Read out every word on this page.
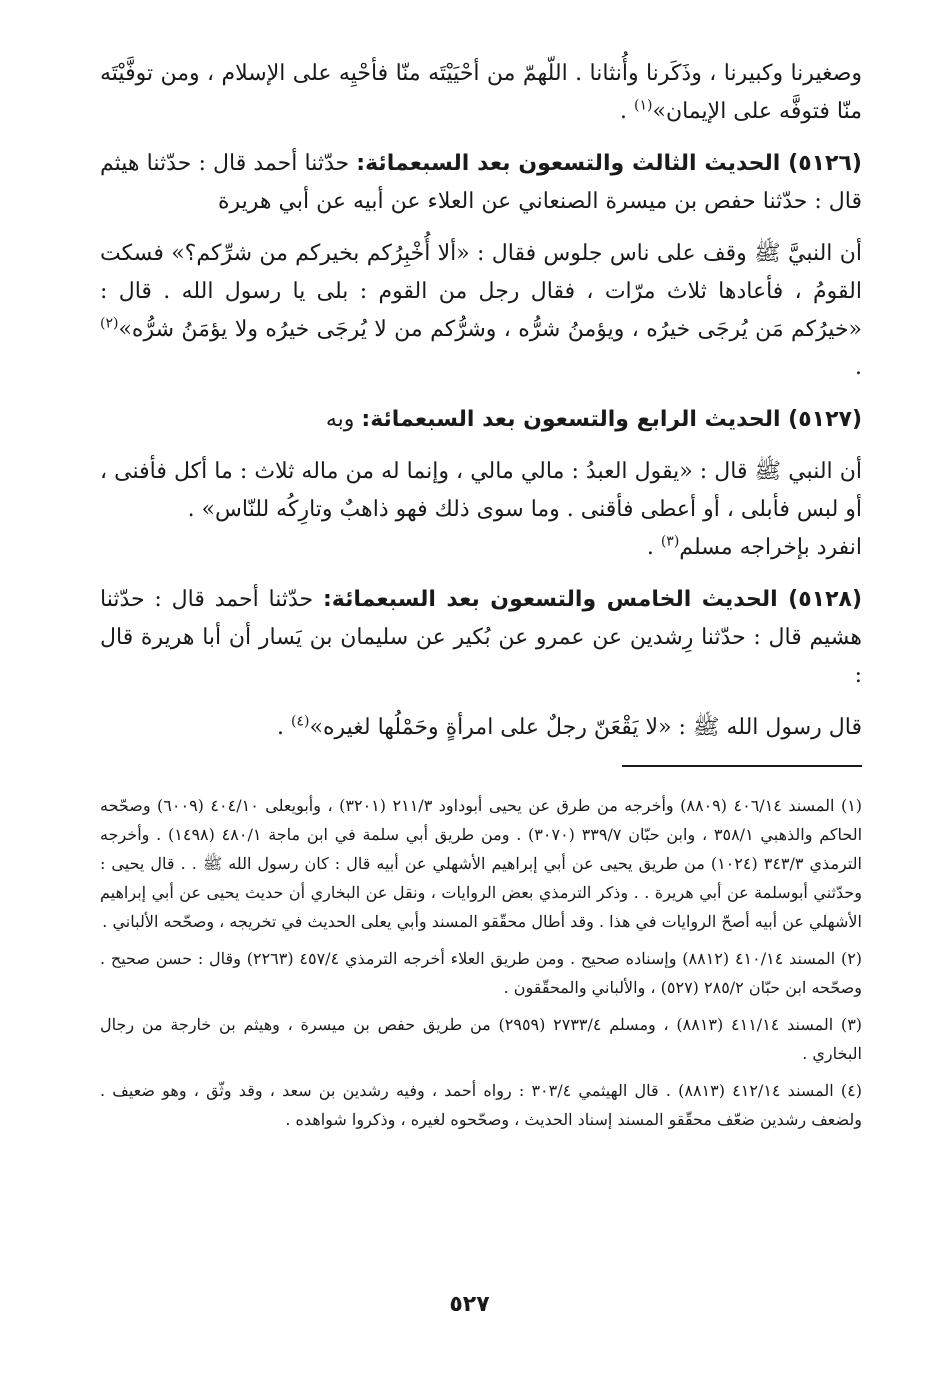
وصغيرنا وكبيرنا ، وذَكَرنا وأُنثانا . اللّهمّ من أحْيَيْتَه منّا فأحْيِه على الإسلام ، ومن توفَّيْتَه منّا فتوفَّه على الإيمان»$^{(١)}$ .

(٥١٢٦) الحديث الثالث والتسعون بعد السبعمائة: حدّثنا أحمد قال : حدّثنا هيثم قال : حدّثنا حفص بن ميسرة الصنعاني عن العلاء عن أبيه عن أبي هريرة

أن النبيَّ ﷺ وقف على ناس جلوس فقال : «ألا أُخْبِرُكم بخيركم من شرِّكم؟» فسكت القومُ ، فأعادها ثلاث مرّات ، فقال رجل من القوم : بلى يا رسول الله . قال : «خيرُكم مَن يُرجَى خيرُه ، ويؤمنُ شرُّه ، وشرُّكم من لا يُرجَى خيرُه ولا يؤمَنُ شرُّه»$^{(٢)}$ .

(٥١٢٧) الحديث الرابع والتسعون بعد السبعمائة: وبه

أن النبي ﷺ قال : «يقول العبدُ : مالي مالي ، وإنما له من ماله ثلاث : ما أكل فأفنى ، أو لبس فأبلى ، أو أعطى فأقنى . وما سوى ذلك فهو ذاهبٌ وتارِكُه للنّاس» .

انفرد بإخراجه مسلم$^{(٣)}$ .

(٥١٢٨) الحديث الخامس والتسعون بعد السبعمائة: حدّثنا أحمد قال : حدّثنا هشيم قال : حدّثنا رِشدين عن عمرو عن بُكير عن سليمان بن يَسار أن أبا هريرة قال :

قال رسول الله ﷺ : «لا يَقْعَنّ رجلٌ على امرأةٍ وحَمْلُها لغيره»$^{(٤)}$ .

(١) المسند ٤٠٦/١٤ (٨٨٠٩) وأخرجه من طرق عن يحيى أبوداود ٢١١/٣ (٣٢٠١) ، وأبويعلى ٤٠٤/١٠ (٦٠٠٩) وصحّحه الحاكم والذهبي ٣٥٨/١ ، وابن حبّان ٣٣٩/٧ (٣٠٧٠) . ومن طريق أبي سلمة في ابن ماجة ٤٨٠/١ (١٤٩٨) . وأخرجه الترمذي ٣٤٣/٣ (١٠٢٤) من طريق يحيى عن أبي إبراهيم الأشهلي عن أبيه قال : كان رسول الله ﷺ . . قال يحيى : وحدّثني أبوسلمة عن أبي هريرة . . وذكر الترمذي بعض الروايات ، ونقل عن البخاري أن حديث يحيى عن أبي إبراهيم الأشهلي عن أبيه أصحّ الروايات في هذا . وقد أطال محقّقو المسند وأبي يعلى الحديث في تخريجه ، وصحّحه الألباني .

(٢) المسند ٤١٠/١٤ (٨٨١٢) وإسناده صحيح . ومن طريق العلاء أخرجه الترمذي ٤٥٧/٤ (٢٢٦٣) وقال : حسن صحيح . وصحّحه ابن حبّان ٢٨٥/٢ (٥٢٧) ، والألباني والمحقّقون .

(٣) المسند ٤١١/١٤ (٨٨١٣) ، ومسلم ٢٧٣٣/٤ (٢٩٥٩) من طريق حفص بن ميسرة ، وهيثم بن خارجة من رجال البخاري .

(٤) المسند ٤١٢/١٤ (٨٨١٣) . قال الهيثمي ٣٠٣/٤ : رواه أحمد ، وفيه رشدين بن سعد ، وقد وثّق ، وهو ضعيف . ولضعف رشدين ضعّف محقّقو المسند إسناد الحديث ، وصحّحوه لغيره ، وذكروا شواهده .

٥٢٧
